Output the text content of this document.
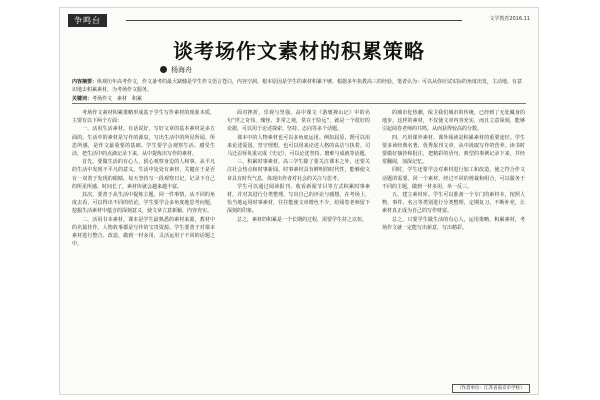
争鸣台	文学教育2016.11
谈考场作文素材的积累策略
杨海舟
内容摘要：纵观历年高考作文，作文备考的最大缺憾是学生作文语言苍白，内容空洞。根本原因是学生的素材积累不够，根据多年执教高三的经验，笔者认为：可以从你应试实际的角度出发，主动地、有意识地去积累素材，为考场作文服务。
关键词：考场作文　素材　积累

考场作文素材积累策略形成基于学生写作素材的现象本质，主要有以下两个方面：

一、活用生活素材。有话说好，写好文章的基本素材是多方面的。生活中的素材是写作的源泉，写出生活中的所见所闻、所思所感，是作文最重要的基础。学生要学会观察生活、感受生活，把生活中的点滴记录下来，从中提炼出写作的素材。

首先，要做生活的有心人，留心观察身边的人和事，从平凡的生活中发现不平凡的意义。生活中处处有素材，关键在于是否有一双善于发现的眼睛。每天坚持写一段观察日记，记录下自己的所见所感，时间长了，素材库就会越来越丰富。

其次，要善于从生活中提炼主题。同一件事情，从不同的角度去看，可以得出不同的结论。学生要学会多角度地思考问题，挖掘生活素材中蕴含的深刻意义，使文章立意新颖、内容充实。

二、活用书本素材。课本是学生最熟悉的素材来源，教材中的名篇佳作、人物故事都是写作的宝贵资源。学生要善于对课本素材进行整合、改造，做到一材多用，灵活运用于不同的话题之中。

面对挫折，乐观与坚强。高中课文《游褒禅山记》中的名句“世之奇伟、瑰怪、非常之观，常在于险远”，就是一个很好的论据，可以用于论述探索、坚持、志向等多个话题。

课本中的人物素材也可以多角度运用。例如屈原，既可以用来论述爱国、坚守理想，也可以用来论述人格的高洁与执着。司马迁忍辱负重完成《史记》，可以论述坚持、磨难与成就等话题。

三、积累时事素材。高三学生除了要关注课本之外，还要关注社会热点和时事新闻。时事素材具有鲜明的时代性，能够使文章具有时代气息，体现出作者对社会的关注与思考。

学生可以通过阅读报刊、收看新闻节目等方式积累时事素材，并对其进行分类整理，写出自己的评论与感想。在考场上，恰当地运用时事素材，往往能使文章增色不少，给阅卷老师留下深刻的印象。

总之，素材的积累是一个长期的过程，需要学生持之以恒。

的城市化热潮，保卫我们城市的传统，已经到了无处藏身的地步。这样的素材，不仅使文章内容充实，而且立意深刻，能够引起阅卷老师的共鸣，从而获得较高的分数。

四、巧用课外素材。课外阅读是积累素材的重要途径。学生要多读经典名著、优秀报刊文章，从中汲取写作的营养。读书时要做好摘抄和批注，把精彩的语句、典型的事例记录下来，并经常翻阅，加深记忆。

同时，学生还要学会对素材进行加工和改造，使之符合作文话题的需要。同一个素材，经过不同的剪裁和组合，可以服务于不同的主题，做到一材多用，举一反三。

五、建立素材库。学生可以准备一个专门的素材本，按照人物、事件、名言等类别进行分类整理，定期复习，不断补充，让素材真正成为自己的写作财富。

总之，只要学生做生活的有心人，运用策略，积累素材，考场作文就一定能写出新意，写出精彩。

（作者单位：江苏省南京市学校）
